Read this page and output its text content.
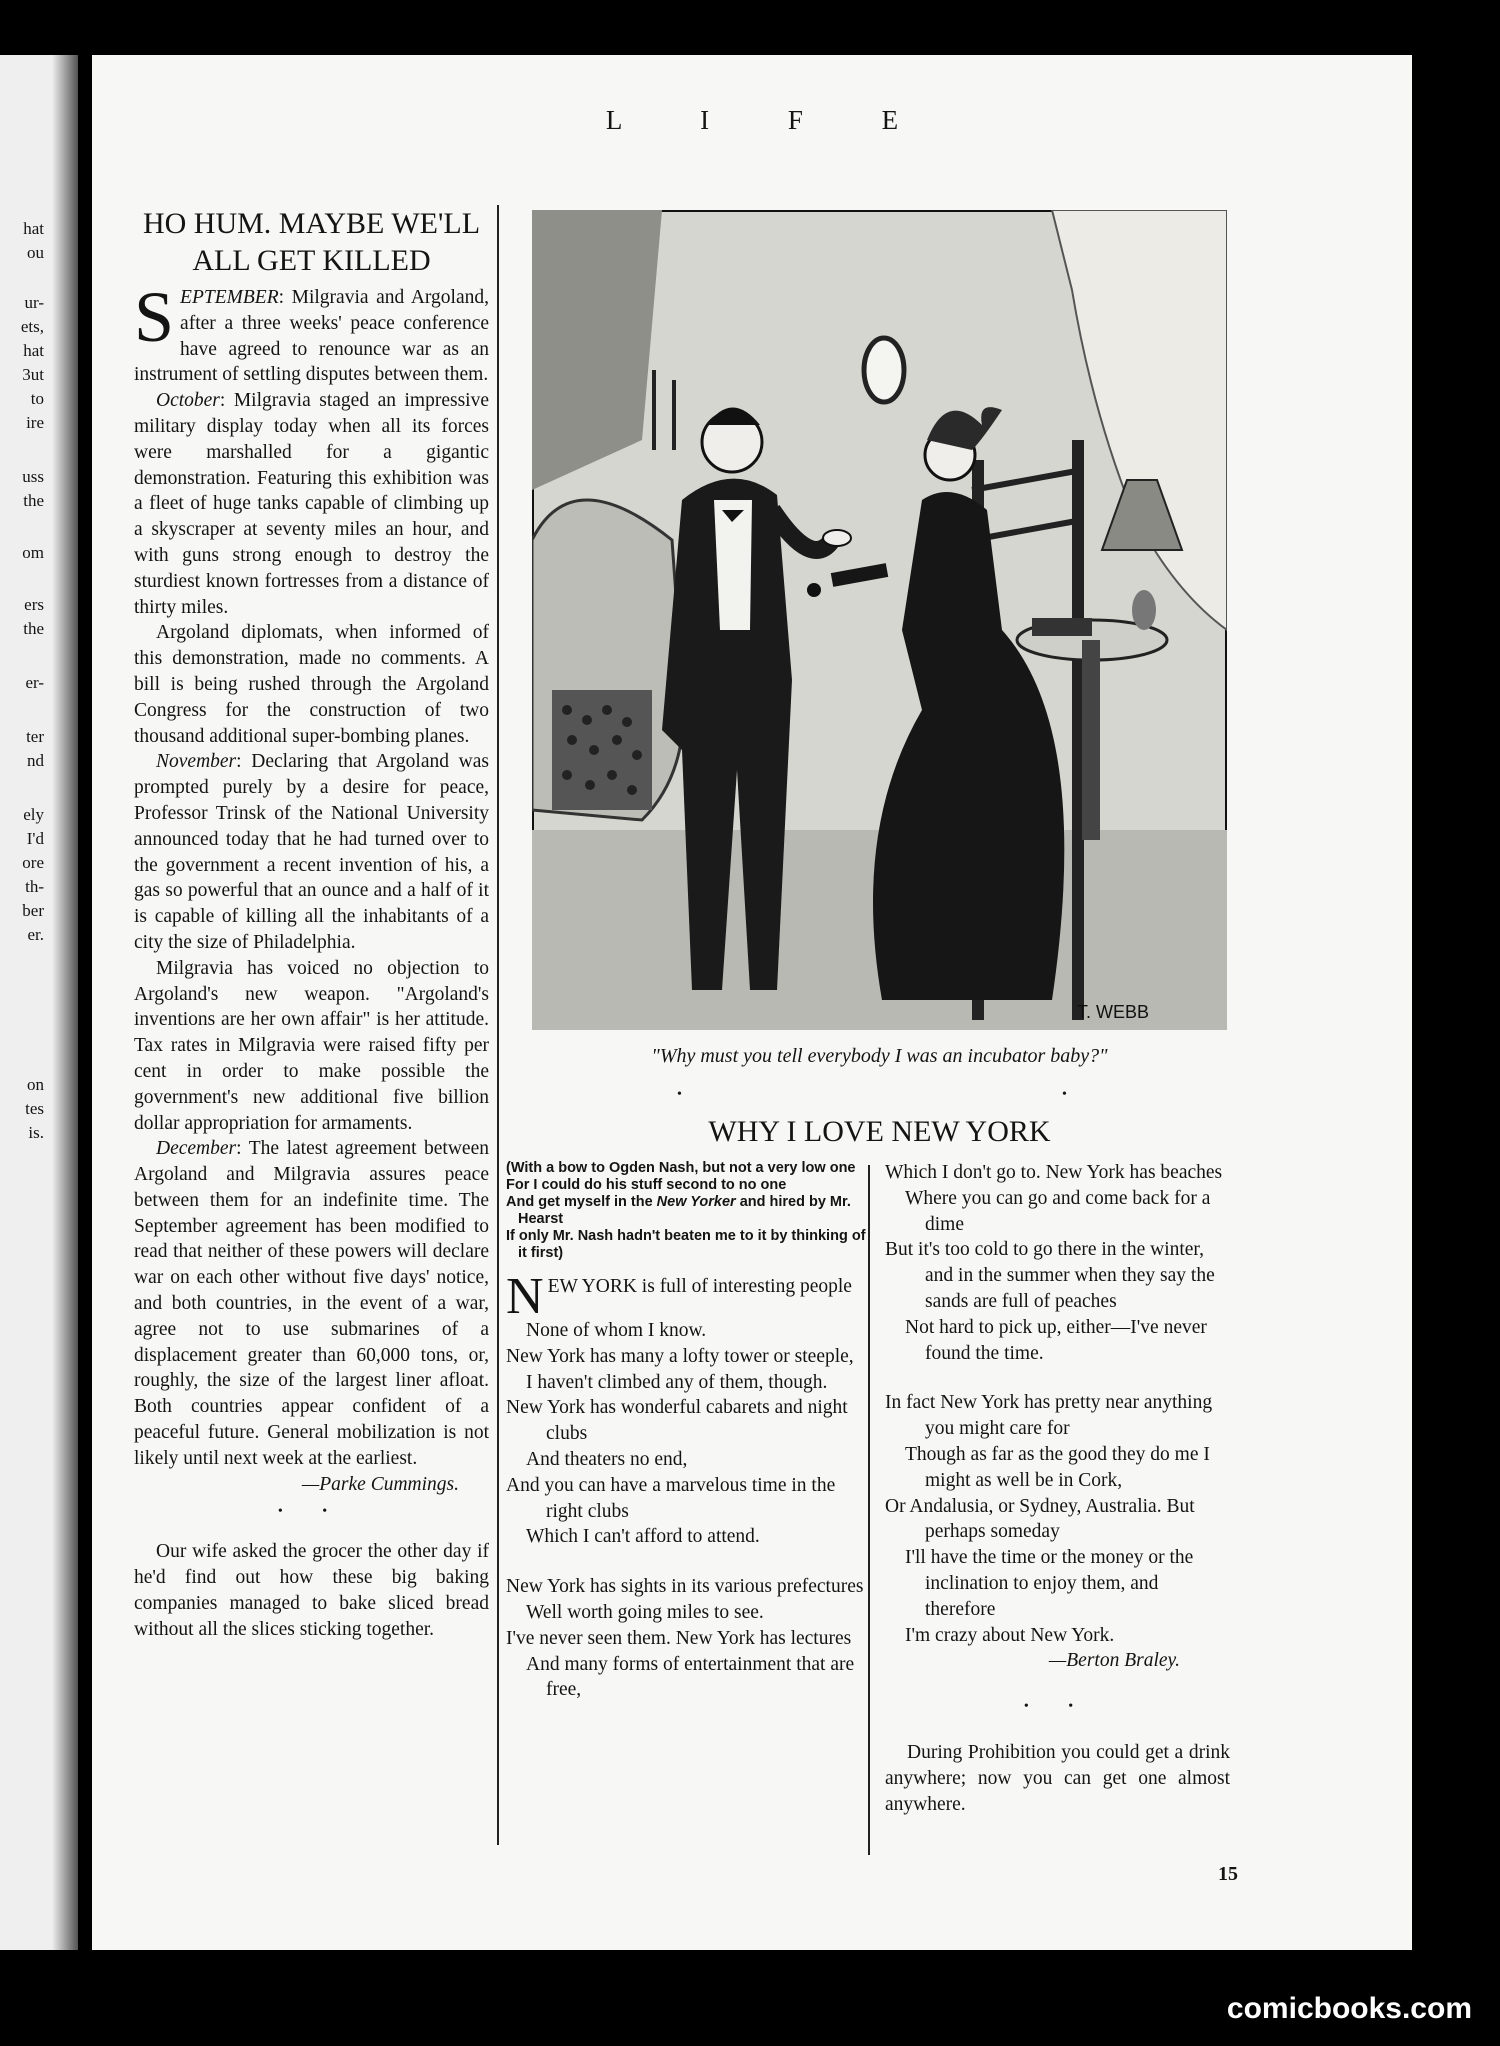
hat
ou
ur-
ets,
hat
3ut
to
ire
uss
the
om
ers
the
er-
ter
nd
ely
I'd
ore
th-
ber
er.
on
tes
is.
L I F E

HO HUM. MAYBE WE'LL
ALL GET KILLED

SEPTEMBER: Milgravia and Argoland, after a three weeks' peace conference have agreed to renounce war as an instrument of settling disputes between them.

October: Milgravia staged an impressive military display today when all its forces were marshalled for a gigantic demonstration. Featuring this exhibition was a fleet of huge tanks capable of climbing up a skyscraper at seventy miles an hour, and with guns strong enough to destroy the sturdiest known fortresses from a distance of thirty miles.

Argoland diplomats, when informed of this demonstration, made no comments. A bill is being rushed through the Argoland Congress for the construction of two thousand additional super-bombing planes.

November: Declaring that Argoland was prompted purely by a desire for peace, Professor Trinsk of the National University announced today that he had turned over to the government a recent invention of his, a gas so powerful that an ounce and a half of it is capable of killing all the inhabitants of a city the size of Philadelphia.

Milgravia has voiced no objection to Argoland's new weapon. "Argoland's inventions are her own affair" is her attitude. Tax rates in Milgravia were raised fifty per cent in order to make possible the government's new additional five billion dollar appropriation for armaments.

December: The latest agreement between Argoland and Milgravia assures peace between them for an indefinite time. The September agreement has been modified to read that neither of these powers will declare war on each other without five days' notice, and both countries, in the event of a war, agree not to use submarines of a displacement greater than 60,000 tons, or, roughly, the size of the largest liner afloat. Both countries appear confident of a peaceful future. General mobilization is not likely until next week at the earliest.

—Parke Cummings.

• •

Our wife asked the grocer the other day if he'd find out how these big baking companies managed to bake sliced bread without all the slices sticking together.

T. WEBB
"Why must you tell everybody I was an incubator baby?"
•	•
WHY I LOVE NEW YORK
(With a bow to Ogden Nash, but not a very low one
For I could do his stuff second to no one
And get myself in the New Yorker and hired by Mr. Hearst
If only Mr. Nash hadn't beaten me to it by thinking of it first)
NEW YORK is full of interesting people
None of whom I know.
New York has many a lofty tower or steeple,
I haven't climbed any of them, though.
New York has wonderful cabarets and night clubs
And theaters no end,
And you can have a marvelous time in the right clubs
Which I can't afford to attend.
New York has sights in its various prefectures
Well worth going miles to see.
I've never seen them. New York has lectures
And many forms of entertainment that are free,
Which I don't go to. New York has beaches
Where you can go and come back for a dime
But it's too cold to go there in the winter, and in the summer when they say the sands are full of peaches
Not hard to pick up, either—I've never found the time.
In fact New York has pretty near anything you might care for
Though as far as the good they do me I might as well be in Cork,
Or Andalusia, or Sydney, Australia. But perhaps someday
I'll have the time or the money or the inclination to enjoy them, and therefore
I'm crazy about New York.
—Berton Braley.
• •
During Prohibition you could get a drink anywhere; now you can get one almost anywhere.
15
comicbooks.com
